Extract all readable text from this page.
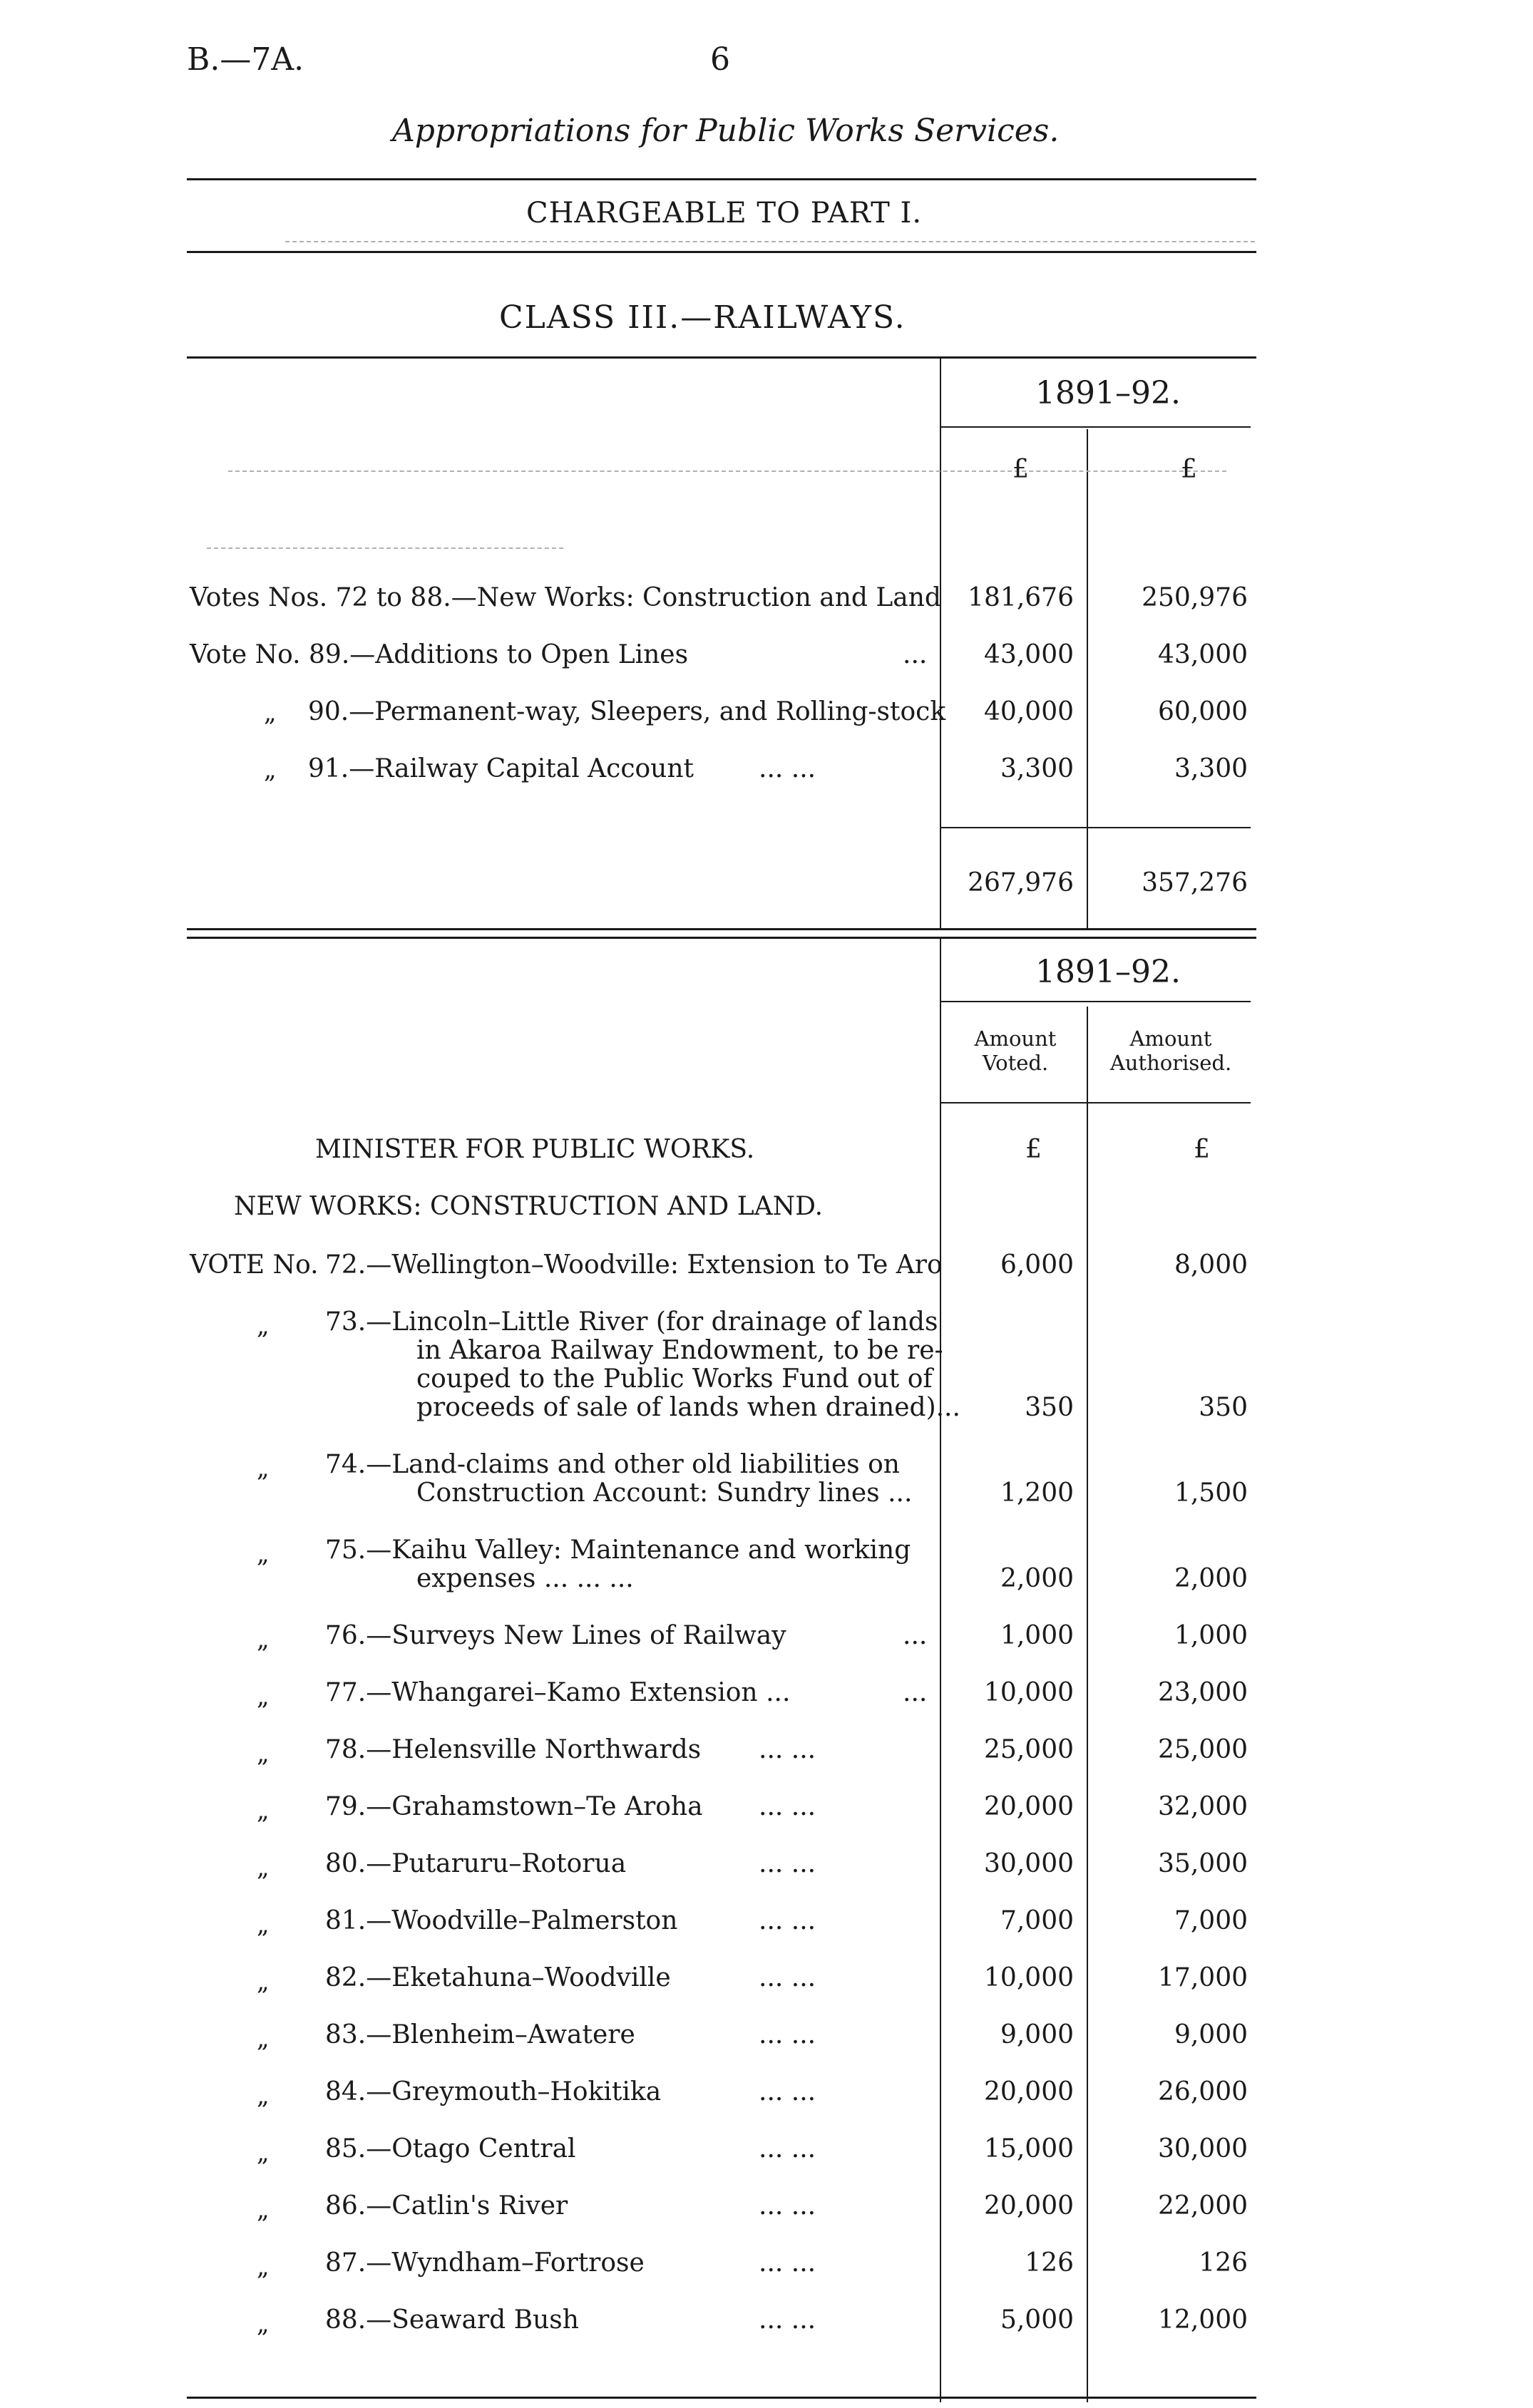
B.—7A.	6
Appropriations for Public Works Services.
CHARGEABLE TO PART I.
CLASS III.—RAILWAYS.
1891–92.
£	£
Votes Nos. 72 to 88.—New Works: Construction and Land	181,676	250,976
Vote No. 89.—Additions to Open Lines	...	43,000	43,000
„ 90.—Permanent-way, Sleepers, and Rolling-stock	40,000	60,000
„ 91.—Railway Capital Account	... ...	3,300	3,300
267,976	357,276
1891–92.
Amount
Voted.
Amount
Authorised.
MINISTER FOR PUBLIC WORKS.	£	£
NEW WORKS: CONSTRUCTION AND LAND.
VOTE No. 72.—Wellington–Woodville: Extension to Te Aro	6,000	8,000
„ 73.—Lincoln–Little River (for drainage of lands
in Akaroa Railway Endowment, to be re-
couped to the Public Works Fund out of
proceeds of sale of lands when drained)...	350	350
„ 74.—Land-claims and other old liabilities on
Construction Account: Sundry lines ...	1,200	1,500
„ 75.—Kaihu Valley: Maintenance and working
expenses ... ... ...	2,000	2,000
„ 76.—Surveys New Lines of Railway	...	1,000	1,000
„ 77.—Whangarei–Kamo Extension ...	...	10,000	23,000
„ 78.—Helensville Northwards ... ...	25,000	25,000
„ 79.—Grahamstown–Te Aroha ... ...	20,000	32,000
„ 80.—Putaruru–Rotorua	... ...	30,000	35,000
„ 81.—Woodville–Palmerston	... ...	7,000	7,000
„ 82.—Eketahuna–Woodville	... ...	10,000	17,000
„ 83.—Blenheim–Awatere	... ...	9,000	9,000
„ 84.—Greymouth–Hokitika	... ...	20,000	26,000
„ 85.—Otago Central	... ...	15,000	30,000
„ 86.—Catlin's River	... ...	20,000	22,000
„ 87.—Wyndham–Fortrose	... ...	126	126
„ 88.—Seaward Bush	... ...	5,000	12,000
